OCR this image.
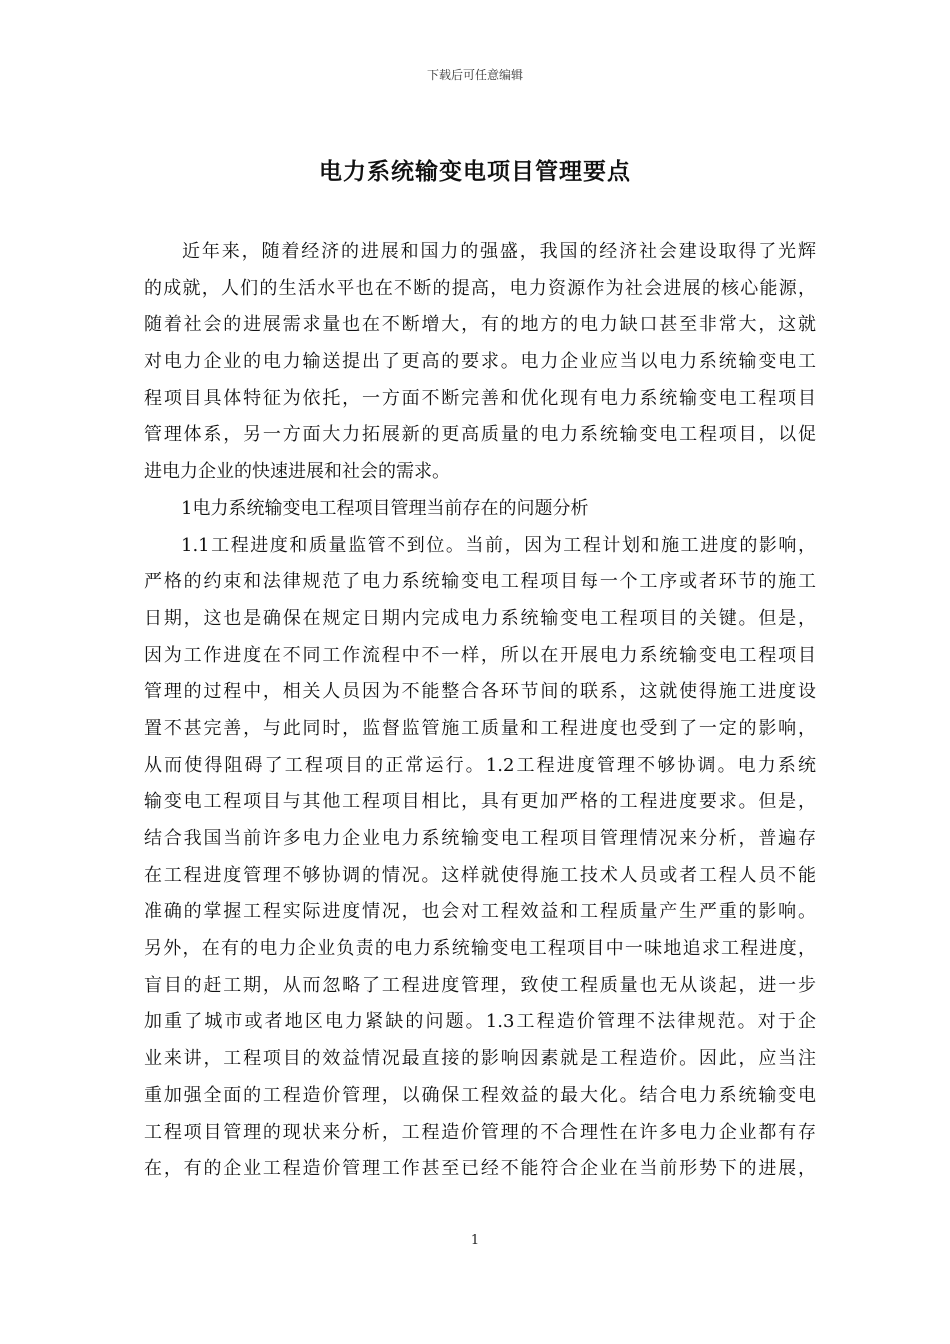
下载后可任意编辑
电力系统输变电项目管理要点
近年来，随着经济的进展和国力的强盛，我国的经济社会建设取得了光辉
的成就，人们的生活水平也在不断的提高，电力资源作为社会进展的核心能源，
随着社会的进展需求量也在不断增大，有的地方的电力缺口甚至非常大，这就
对电力企业的电力输送提出了更高的要求。电力企业应当以电力系统输变电工
程项目具体特征为依托，一方面不断完善和优化现有电力系统输变电工程项目
管理体系，另一方面大力拓展新的更高质量的电力系统输变电工程项目，以促
进电力企业的快速进展和社会的需求。
1电力系统输变电工程项目管理当前存在的问题分析
1.1工程进度和质量监管不到位。当前，因为工程计划和施工进度的影响，
严格的约束和法律规范了电力系统输变电工程项目每一个工序或者环节的施工
日期，这也是确保在规定日期内完成电力系统输变电工程项目的关键。但是，
因为工作进度在不同工作流程中不一样，所以在开展电力系统输变电工程项目
管理的过程中，相关人员因为不能整合各环节间的联系，这就使得施工进度设
置不甚完善，与此同时，监督监管施工质量和工程进度也受到了一定的影响，
从而使得阻碍了工程项目的正常运行。1.2工程进度管理不够协调。电力系统
输变电工程项目与其他工程项目相比，具有更加严格的工程进度要求。但是，
结合我国当前许多电力企业电力系统输变电工程项目管理情况来分析，普遍存
在工程进度管理不够协调的情况。这样就使得施工技术人员或者工程人员不能
准确的掌握工程实际进度情况，也会对工程效益和工程质量产生严重的影响。
另外，在有的电力企业负责的电力系统输变电工程项目中一味地追求工程进度，
盲目的赶工期，从而忽略了工程进度管理，致使工程质量也无从谈起，进一步
加重了城市或者地区电力紧缺的问题。1.3工程造价管理不法律规范。对于企
业来讲，工程项目的效益情况最直接的影响因素就是工程造价。因此，应当注
重加强全面的工程造价管理，以确保工程效益的最大化。结合电力系统输变电
工程项目管理的现状来分析，工程造价管理的不合理性在许多电力企业都有存
在，有的企业工程造价管理工作甚至已经不能符合企业在当前形势下的进展，
1
